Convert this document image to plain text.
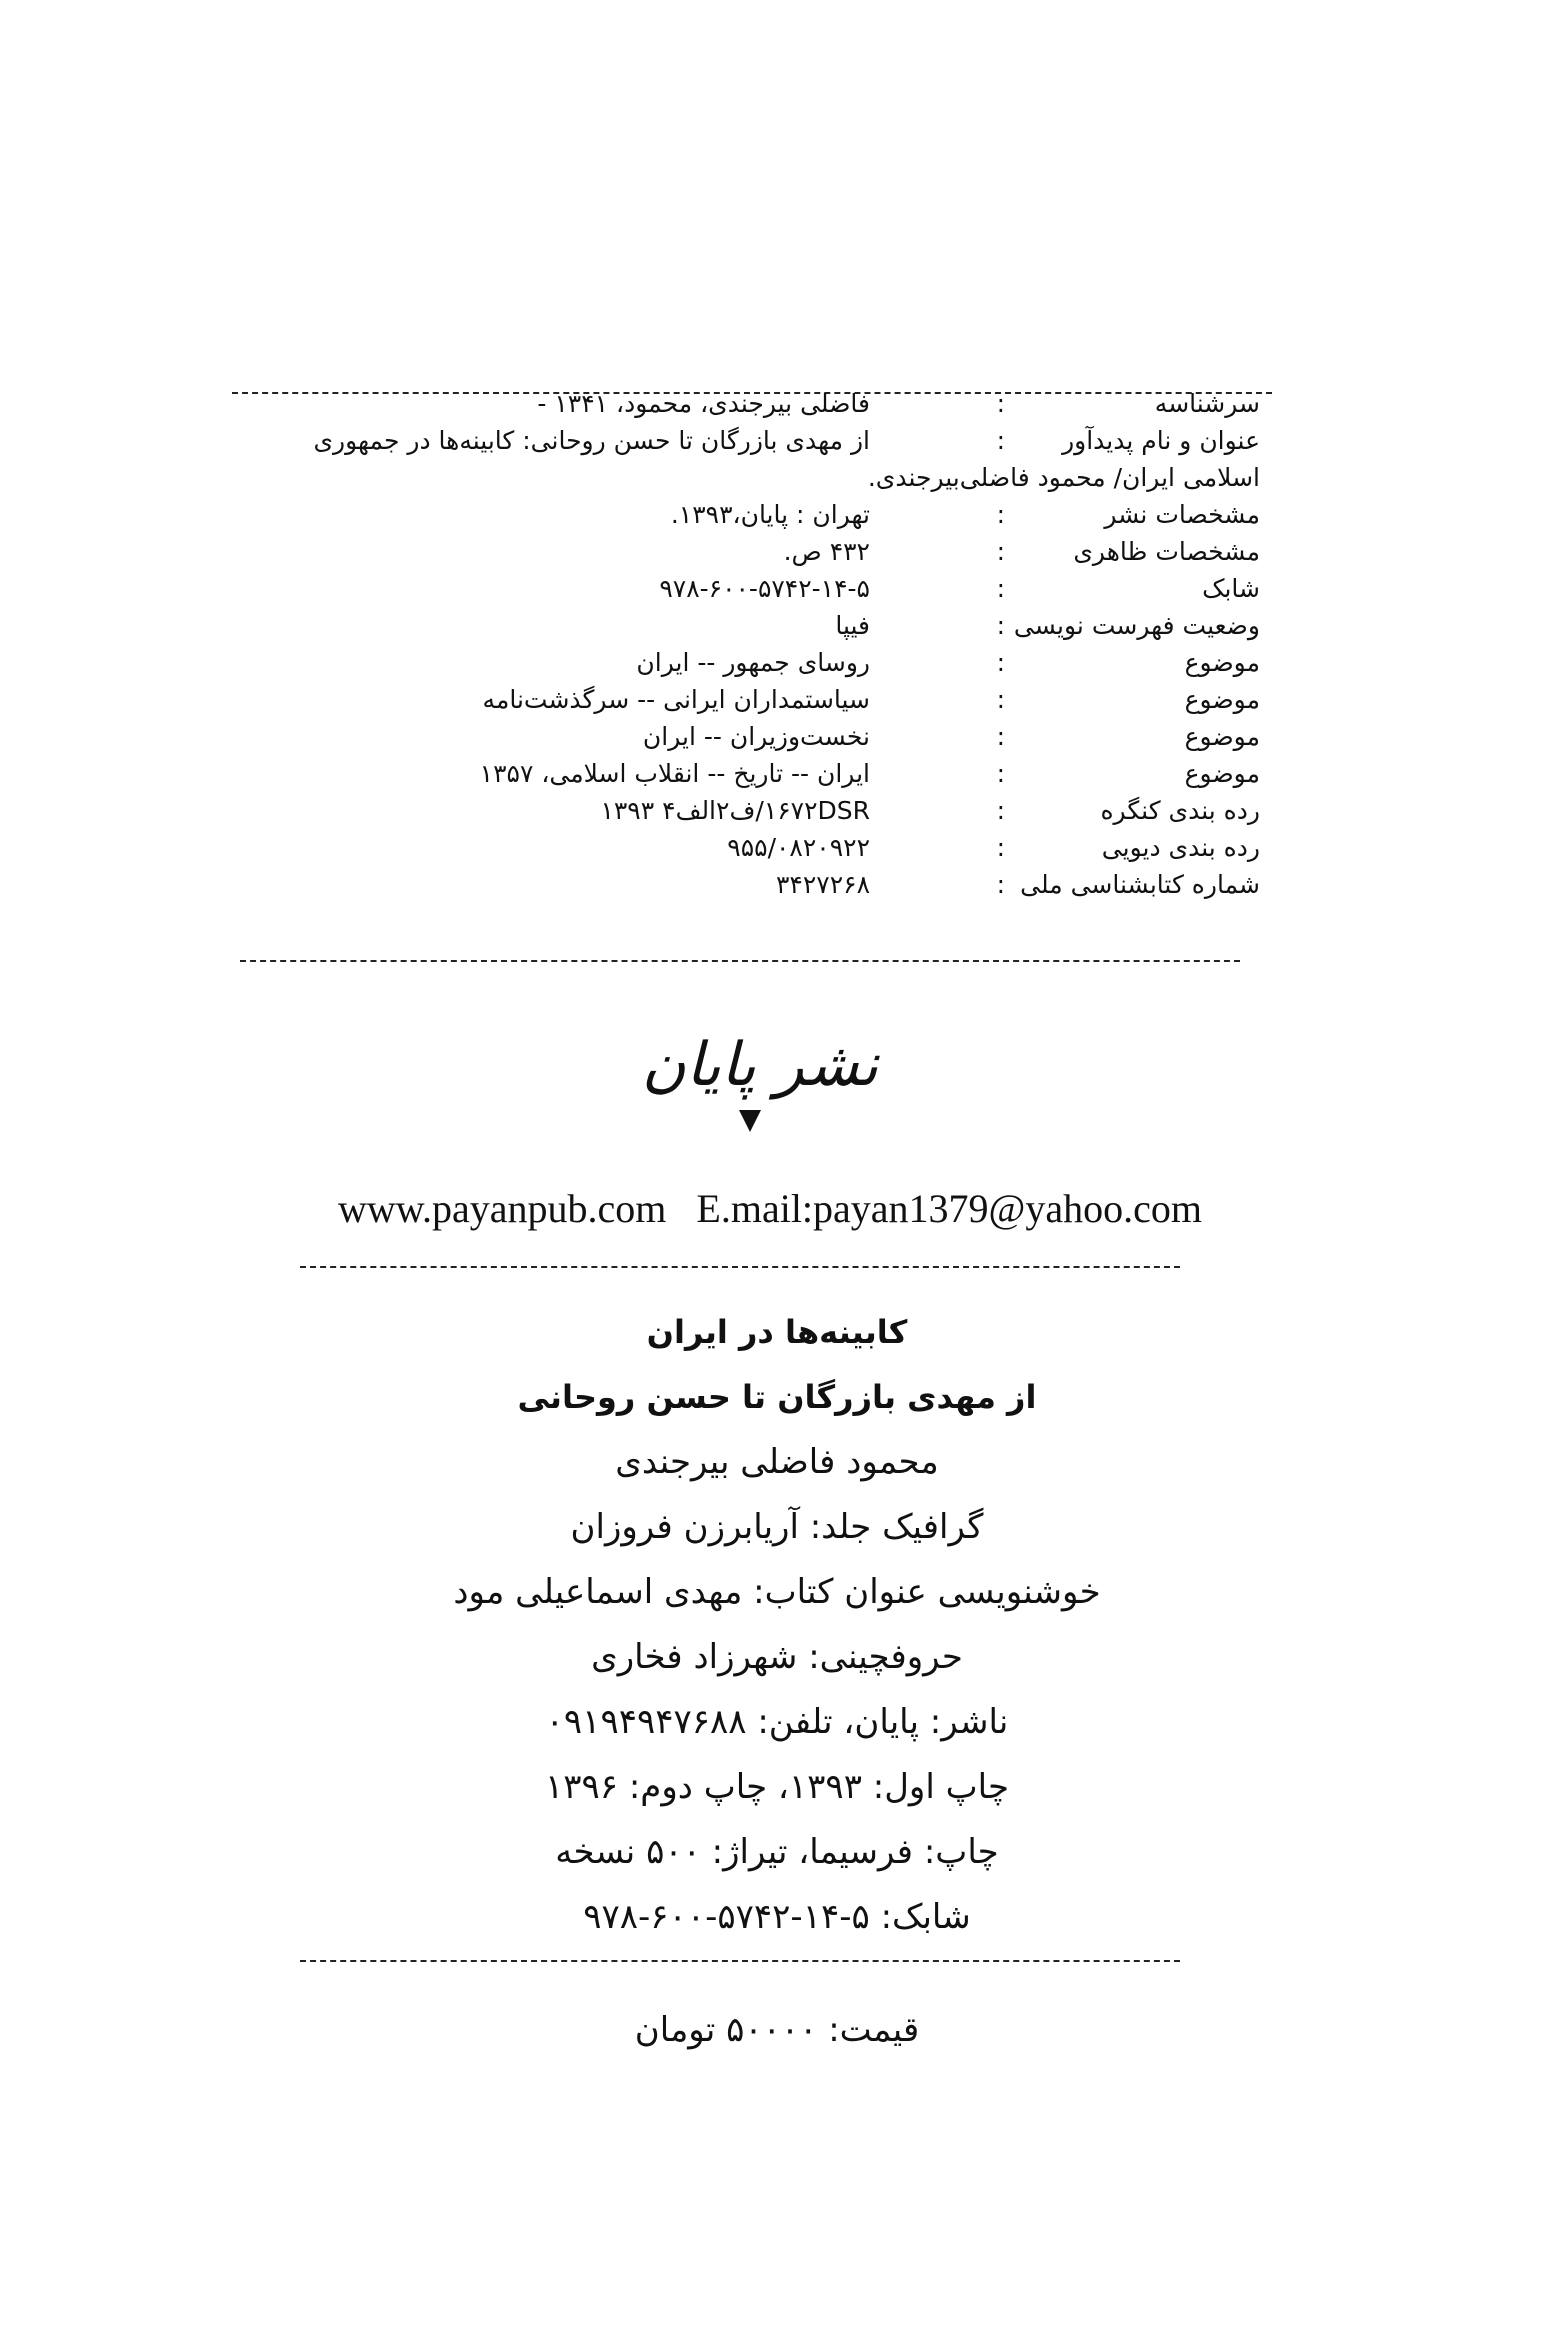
سرشناسه
:
فاضلی بیرجندی، محمود، ۱۳۴۱ -
عنوان و نام پدیدآور
:
از مهدی بازرگان تا حسن روحانی: کابینه‌ها در جمهوری
اسلامی ایران/ محمود فاضلی‌بیرجندی.
مشخصات نشر
:
تهران : پایان،۱۳۹۳.
مشخصات ظاهری
:
۴۳۲ ص.
شابک
:
۹۷۸-۶۰۰-۵۷۴۲-۱۴-۵
وضعیت فهرست نویسی
:
فیپا
موضوع
:
روسای جمهور -- ایران
موضوع
:
سیاستمداران ایرانی -- سرگذشت‌نامه
موضوع
:
نخست‌وزیران -- ایران
موضوع
:
ایران -- تاریخ -- انقلاب اسلامی، ۱۳۵۷
رده بندی کنگره
:
۱۶۷۲DSR/ف۲الف۴ ۱۳۹۳
رده بندی دیویی
:
۹۵۵/۰۸۲۰۹۲۲
شماره کتابشناسی ملی
:
۳۴۲۷۲۶۸
نشر پایان
www.payanpub.com E.mail:payan1379@yahoo.com
کابینه‌ها در ایران
از مهدی بازرگان تا حسن روحانی
محمود فاضلی بیرجندی
گرافیک جلد: آریابرزن فروزان
خوشنویسی عنوان کتاب: مهدی اسماعیلی مود
حروفچینی: شهرزاد فخاری
ناشر: پایان، تلفن: ۰۹۱۹۴۹۴۷۶۸۸
چاپ اول: ۱۳۹۳، چاپ دوم: ۱۳۹۶
چاپ: فرسیما، تیراژ: ۵۰۰ نسخه
شابک: ۵-۱۴-۵۷۴۲-۶۰۰-۹۷۸
قیمت: ۵۰۰۰۰ تومان
